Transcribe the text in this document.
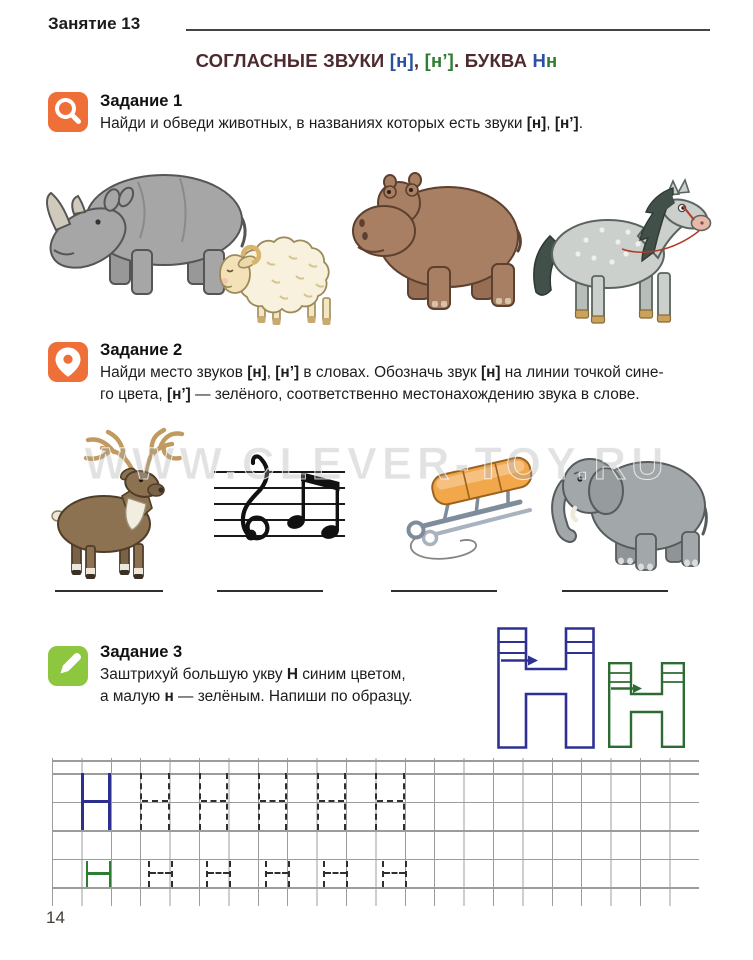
Занятие 13
СОГЛАСНЫЕ ЗВУКИ [н], [н’]. БУКВА Нн
Задание 1
Найди и обведи животных, в названиях которых есть звуки [н], [н’].
Задание 2
Найди место звуков [н], [н’] в словах. Обозначь звук [н] на линии точкой сине-
го цвета, [н’] — зелёного, соответственно местонахождению звука в слове.
WWW.CLEVER-TOY.RU
Задание 3
Заштрихуй большую укву Н синим цветом,
а малую н — зелёным. Напиши по образцу.
14
